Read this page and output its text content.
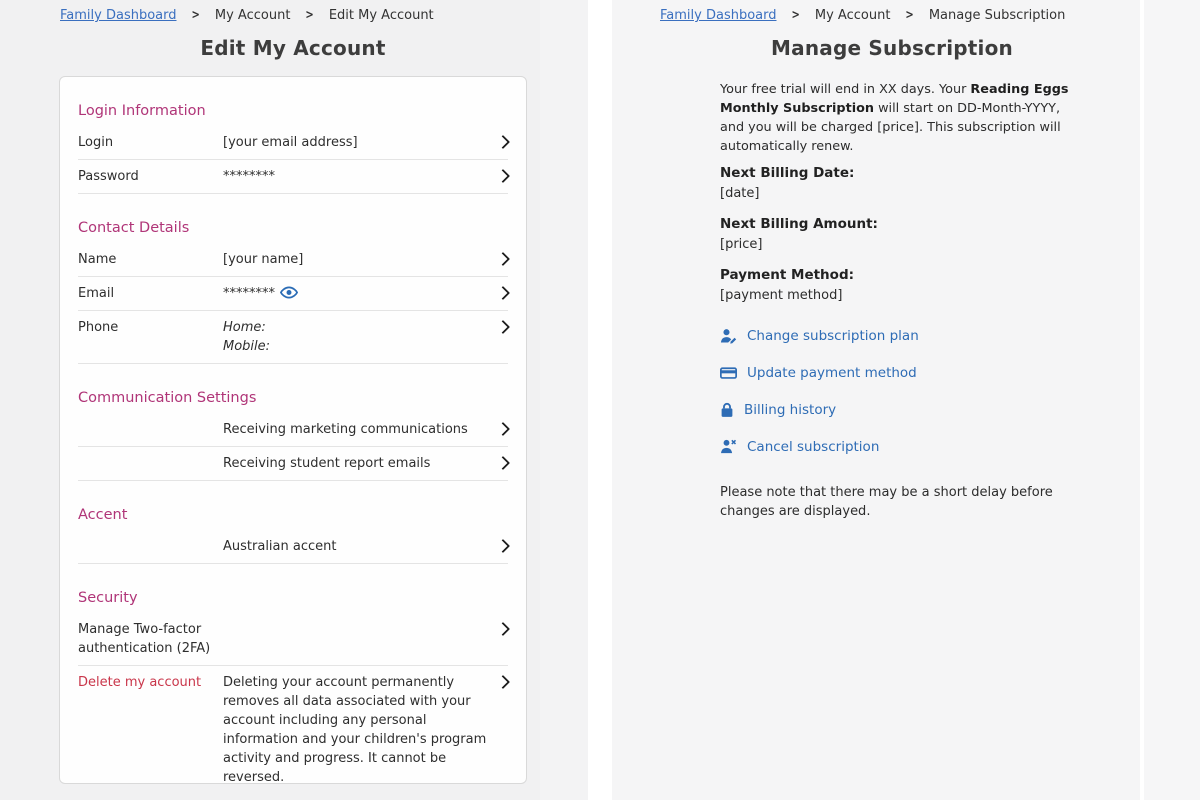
Family Dashboard > My Account > Edit My Account
Edit My Account
Login Information
Login	[your email address]
Password	********
Contact Details
Name	[your name]
Email	********
Phone	Home:
Mobile:
Communication Settings
Receiving marketing communications
Receiving student report emails
Accent
Australian accent
Security
Manage Two-factor authentication (2FA)
Delete my account	Deleting your account permanently removes all data associated with your account including any personal information and your children's program activity and progress. It cannot be reversed.
Family Dashboard > My Account > Manage Subscription
Manage Subscription

Your free trial will end in XX days. Your Reading Eggs Monthly Subscription will start on DD-Month-YYYY, and you will be charged [price]. This subscription will automatically renew.

Next Billing Date:
[date]
Next Billing Amount:
[price]
Payment Method:
[payment method]
Change subscription plan
Update payment method
Billing history
Cancel subscription

Please note that there may be a short delay before changes are displayed.
